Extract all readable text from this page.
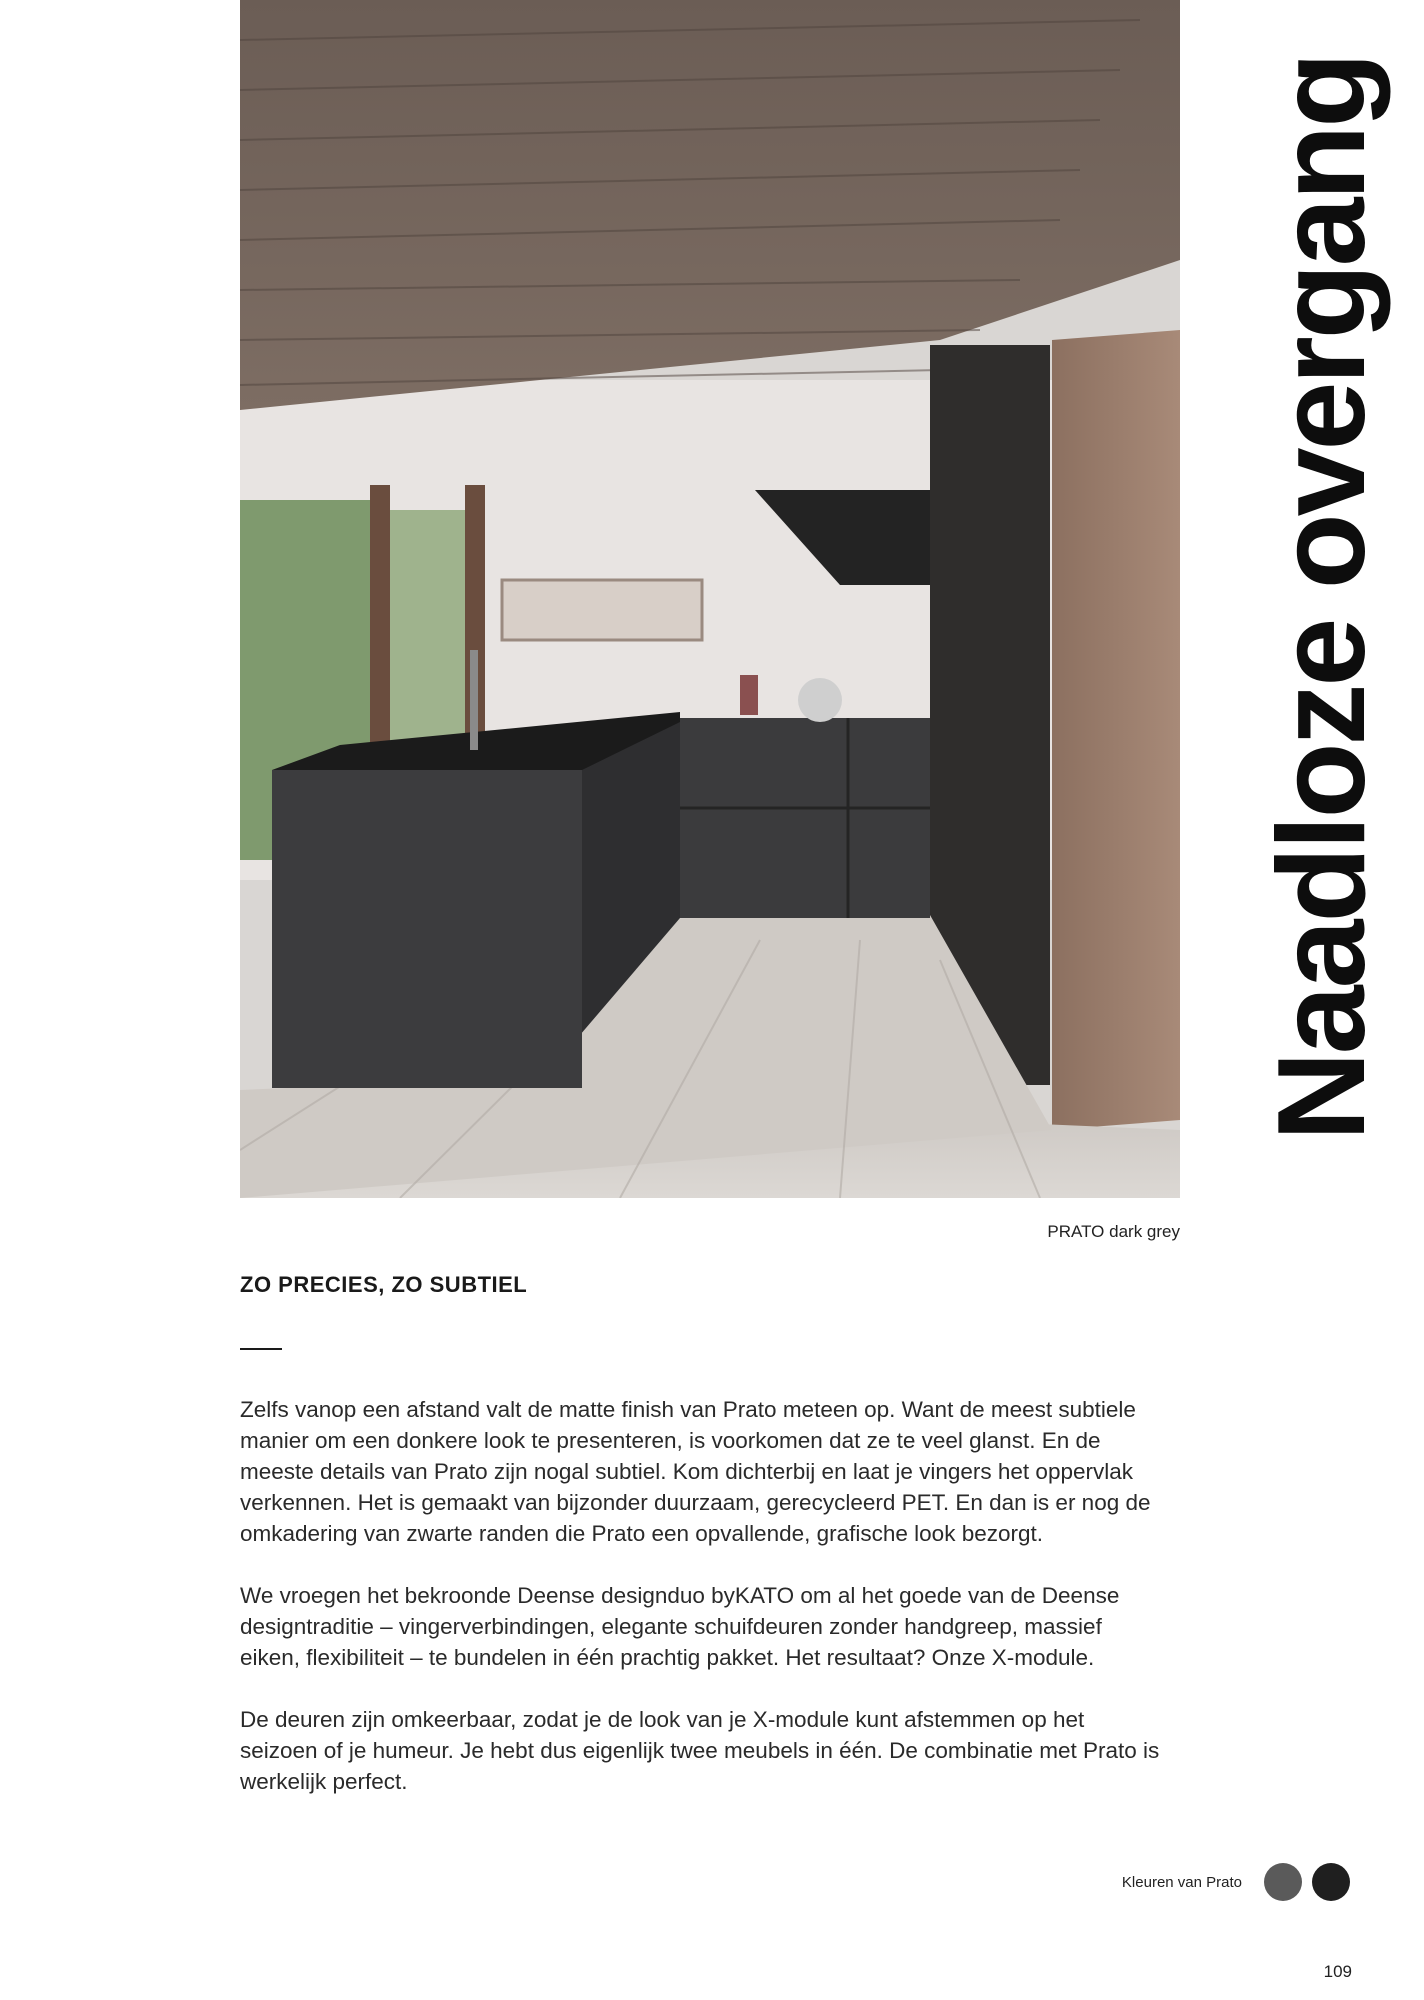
Naadloze overgang
PRATO dark grey
ZO PRECIES, ZO SUBTIEL

Zelfs vanop een afstand valt de matte finish van Prato meteen op. Want de meest subtiele manier om een donkere look te presenteren, is voorkomen dat ze te veel glanst. En de meeste details van Prato zijn nogal subtiel. Kom dichterbij en laat je vingers het oppervlak verkennen. Het is gemaakt van bijzonder duurzaam, gerecycleerd PET. En dan is er nog de omkadering van zwarte randen die Prato een opvallende, grafische look bezorgt.

We vroegen het bekroonde Deense designduo byKATO om al het goede van de Deense designtraditie – vingerverbindingen, elegante schuifdeuren zonder handgreep, massief eiken, flexibiliteit – te bundelen in één prachtig pakket. Het resultaat? Onze X-module.

De deuren zijn omkeerbaar, zodat je de look van je X-module kunt afstemmen op het seizoen of je humeur. Je hebt dus eigenlijk twee meubels in één. De combinatie met Prato is werkelijk perfect.

Kleuren van Prato
109
